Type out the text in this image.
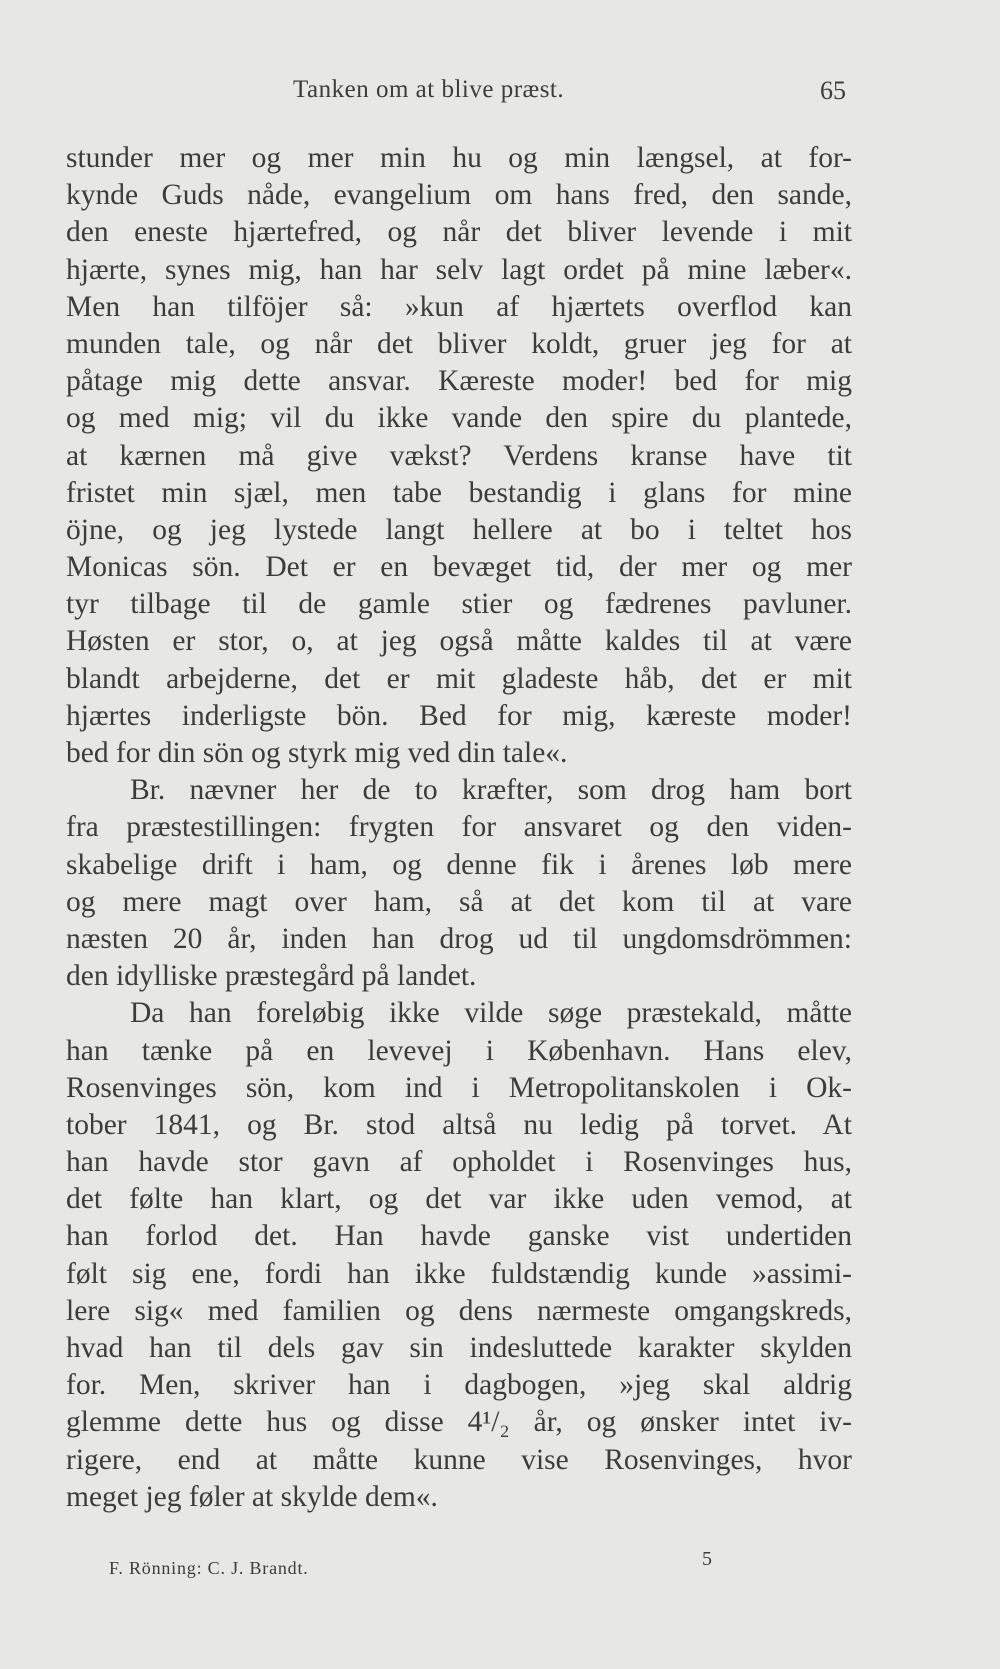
Tanken om at blive præst.	65
stunder mer og mer min hu og min længsel, at for-
kynde Guds nåde, evangelium om hans fred, den sande,
den eneste hjærtefred, og når det bliver levende i mit
hjærte, synes mig, han har selv lagt ordet på mine læber«.
Men han tilföjer så: »kun af hjærtets overflod kan
munden tale, og når det bliver koldt, gruer jeg for at
påtage mig dette ansvar. Kæreste moder! bed for mig
og med mig; vil du ikke vande den spire du plantede,
at kærnen må give vækst? Verdens kranse have tit
fristet min sjæl, men tabe bestandig i glans for mine
öjne, og jeg lystede langt hellere at bo i teltet hos
Monicas sön. Det er en bevæget tid, der mer og mer
tyr tilbage til de gamle stier og fædrenes pavluner.
Høsten er stor, o, at jeg også måtte kaldes til at være
blandt arbejderne, det er mit gladeste håb, det er mit
hjærtes inderligste bön. Bed for mig, kæreste moder!
bed for din sön og styrk mig ved din tale«.
Br. nævner her de to kræfter, som drog ham bort
fra præstestillingen: frygten for ansvaret og den viden-
skabelige drift i ham, og denne fik i årenes løb mere
og mere magt over ham, så at det kom til at vare
næsten 20 år, inden han drog ud til ungdomsdrömmen:
den idylliske præstegård på landet.
Da han foreløbig ikke vilde søge præstekald, måtte
han tænke på en levevej i København. Hans elev,
Rosenvinges sön, kom ind i Metropolitanskolen i Ok-
tober 1841, og Br. stod altså nu ledig på torvet. At
han havde stor gavn af opholdet i Rosenvinges hus,
det følte han klart, og det var ikke uden vemod, at
han forlod det. Han havde ganske vist undertiden
følt sig ene, fordi han ikke fuldstændig kunde »assimi-
lere sig« med familien og dens nærmeste omgangskreds,
hvad han til dels gav sin indesluttede karakter skylden
for. Men, skriver han i dagbogen, »jeg skal aldrig
glemme dette hus og disse 4¹/₂ år, og ønsker intet iv-
rigere, end at måtte kunne vise Rosenvinges, hvor
meget jeg føler at skylde dem«.
F. Rönning: C. J. Brandt.	5
